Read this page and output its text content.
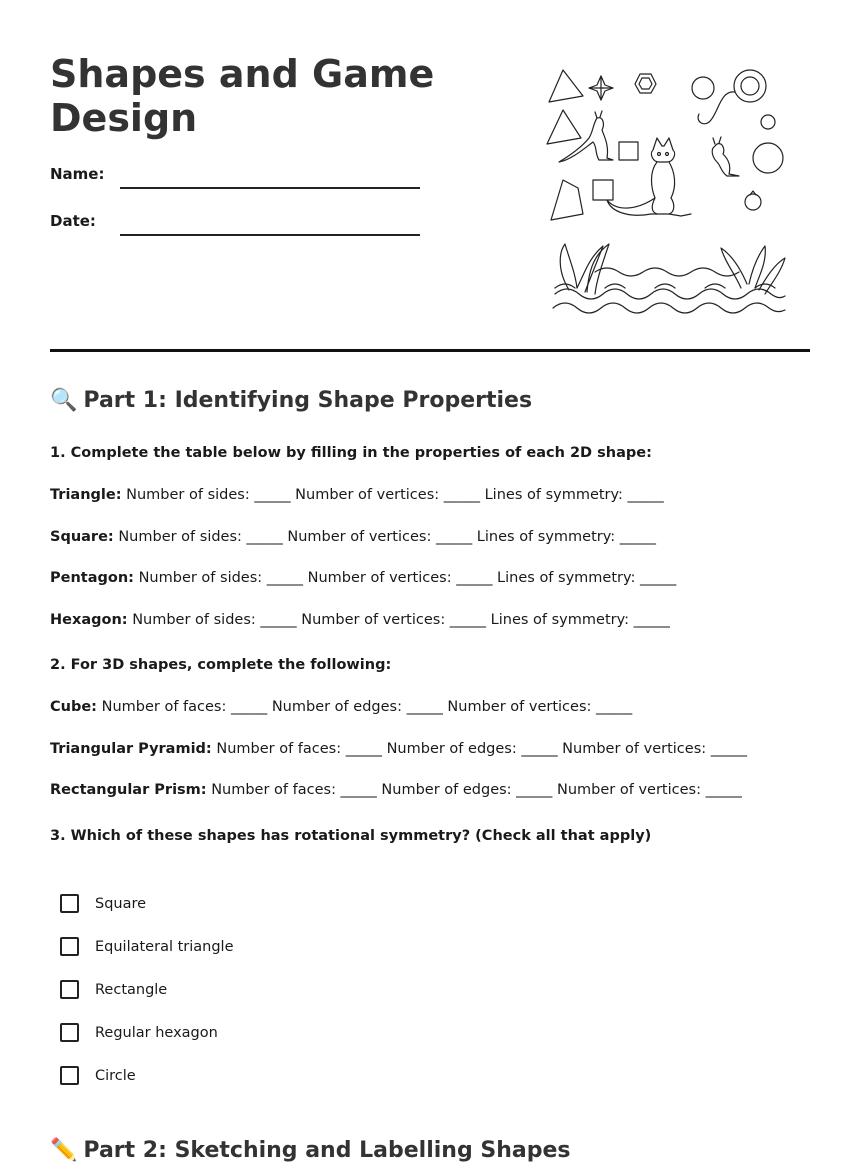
Shapes and Game Design
Name:
Date:
🔍 Part 1: Identifying Shape Properties
1. Complete the table below by filling in the properties of each 2D shape:
Triangle: Number of sides: _____ Number of vertices: _____ Lines of symmetry: _____
Square: Number of sides: _____ Number of vertices: _____ Lines of symmetry: _____
Pentagon: Number of sides: _____ Number of vertices: _____ Lines of symmetry: _____
Hexagon: Number of sides: _____ Number of vertices: _____ Lines of symmetry: _____
2. For 3D shapes, complete the following:
Cube: Number of faces: _____ Number of edges: _____ Number of vertices: _____
Triangular Pyramid: Number of faces: _____ Number of edges: _____ Number of vertices: _____
Rectangular Prism: Number of faces: _____ Number of edges: _____ Number of vertices: _____
3. Which of these shapes has rotational symmetry? (Check all that apply)
Square
Equilateral triangle
Rectangle
Regular hexagon
Circle
✏️ Part 2: Sketching and Labelling Shapes
